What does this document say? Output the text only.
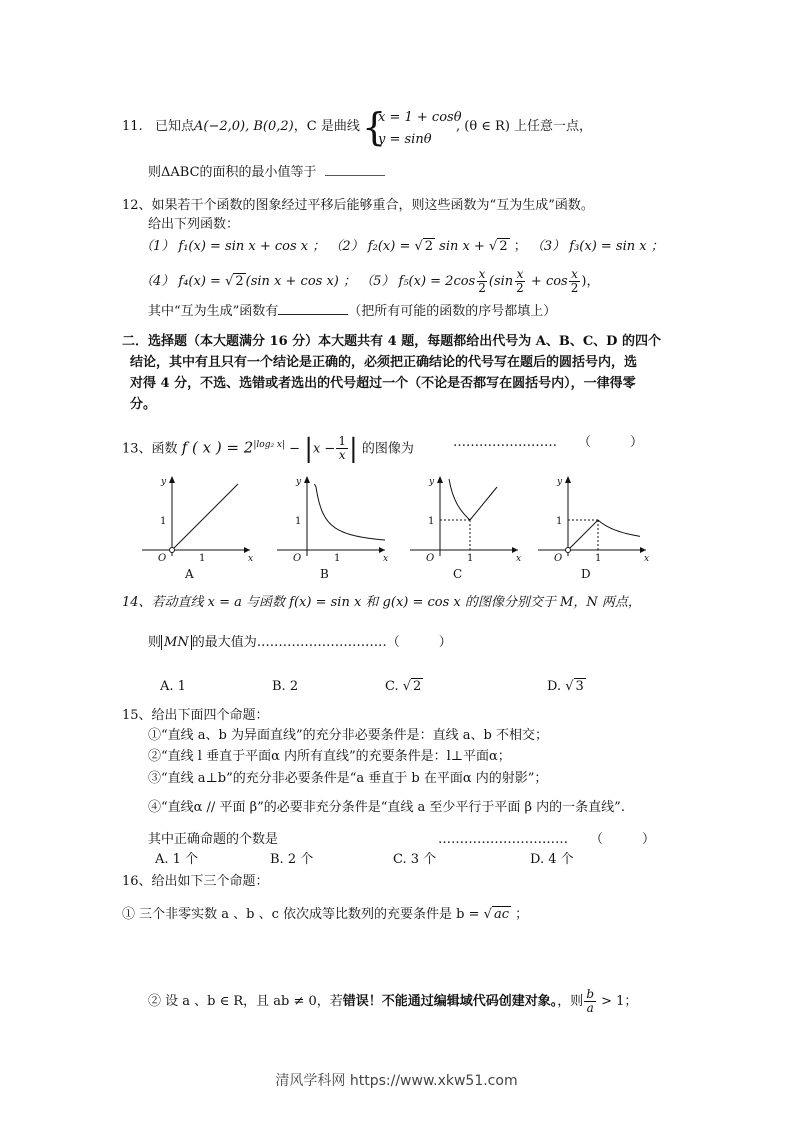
11. 已知点A(−2,0), B(0,2)，C 是曲线 {
x = 1 + cosθ
y = sinθ
, (θ ∈ R) 上任意一点，
则ΔABC的面积的最小值等于
12、如果若干个函数的图象经过平移后能够重合，则这些函数为“互为生成”函数。
给出下列函数：
（1） f₁(x) = sin x + cos x ； （2） f₂(x) = √ 2 sin x + √ 2 ； （3） f₃(x) = sin x ；
（4） f₄(x) = √ 2 (sin x + cos x) ； （5） $f_5(x) = 2\cos \frac{x}{2} (\sin \frac{x}{2} + \cos \frac{x}{2}$ )，
其中“互为生成”函数有	（把所有可能的函数的序号都填上）
二．选择题（本大题满分 16 分）本大题共有 4 题，每题都给出代号为 A、B、C、D 的四个
结论，其中有且只有一个结论是正确的，必须把正确结论的代号写在题后的圆括号内，选
对得 4 分，不选、选错或者选出的代号超过一个（不论是否都写在圆括号内），一律得零
分。
13、函数 f ( x ) = $2^{|log_2 x|} - |x - \frac{1}{x}$ | 的图像为	…………………… （　　　）
y
x
O	1
1
A
y
x
O	1
1
B
y
x
O	1
1
C
y
x
O	1
1
D
14、若动直线 x = a 与函数 f(x) = sin x 和 g(x) = cos x 的图像分别交于 M，N 两点，
则 MN 的最大值为…………………………（　　　）
A. 1	B. 2	C. √ 2	D. √ 3
15、给出下面四个命题：
①“直线 a、b 为异面直线”的充分非必要条件是：直线 a、b 不相交；
②“直线 l 垂直于平面α 内所有直线”的充要条件是：l⊥平面α；
③“直线 a⊥b”的充分非必要条件是“a 垂直于 b 在平面α 内的射影”；
④“直线α // 平面 β”的必要非充分条件是“直线 a 至少平行于平面 β 内的一条直线”.
其中正确命题的个数是	………………………… （　　　）
A. 1 个	B. 2 个	C. 3 个	D. 4 个
16、给出如下三个命题：
① 三个非零实数 a 、b 、c 依次成等比数列的充要条件是 b = √ ac ；
② 设 a 、b ∈ R，且 ab ≠ 0，若错误！不能通过编辑域代码创建对象。，则 $\frac{b}{a} > 1$；
清风学科网 https://www.xkw51.com
